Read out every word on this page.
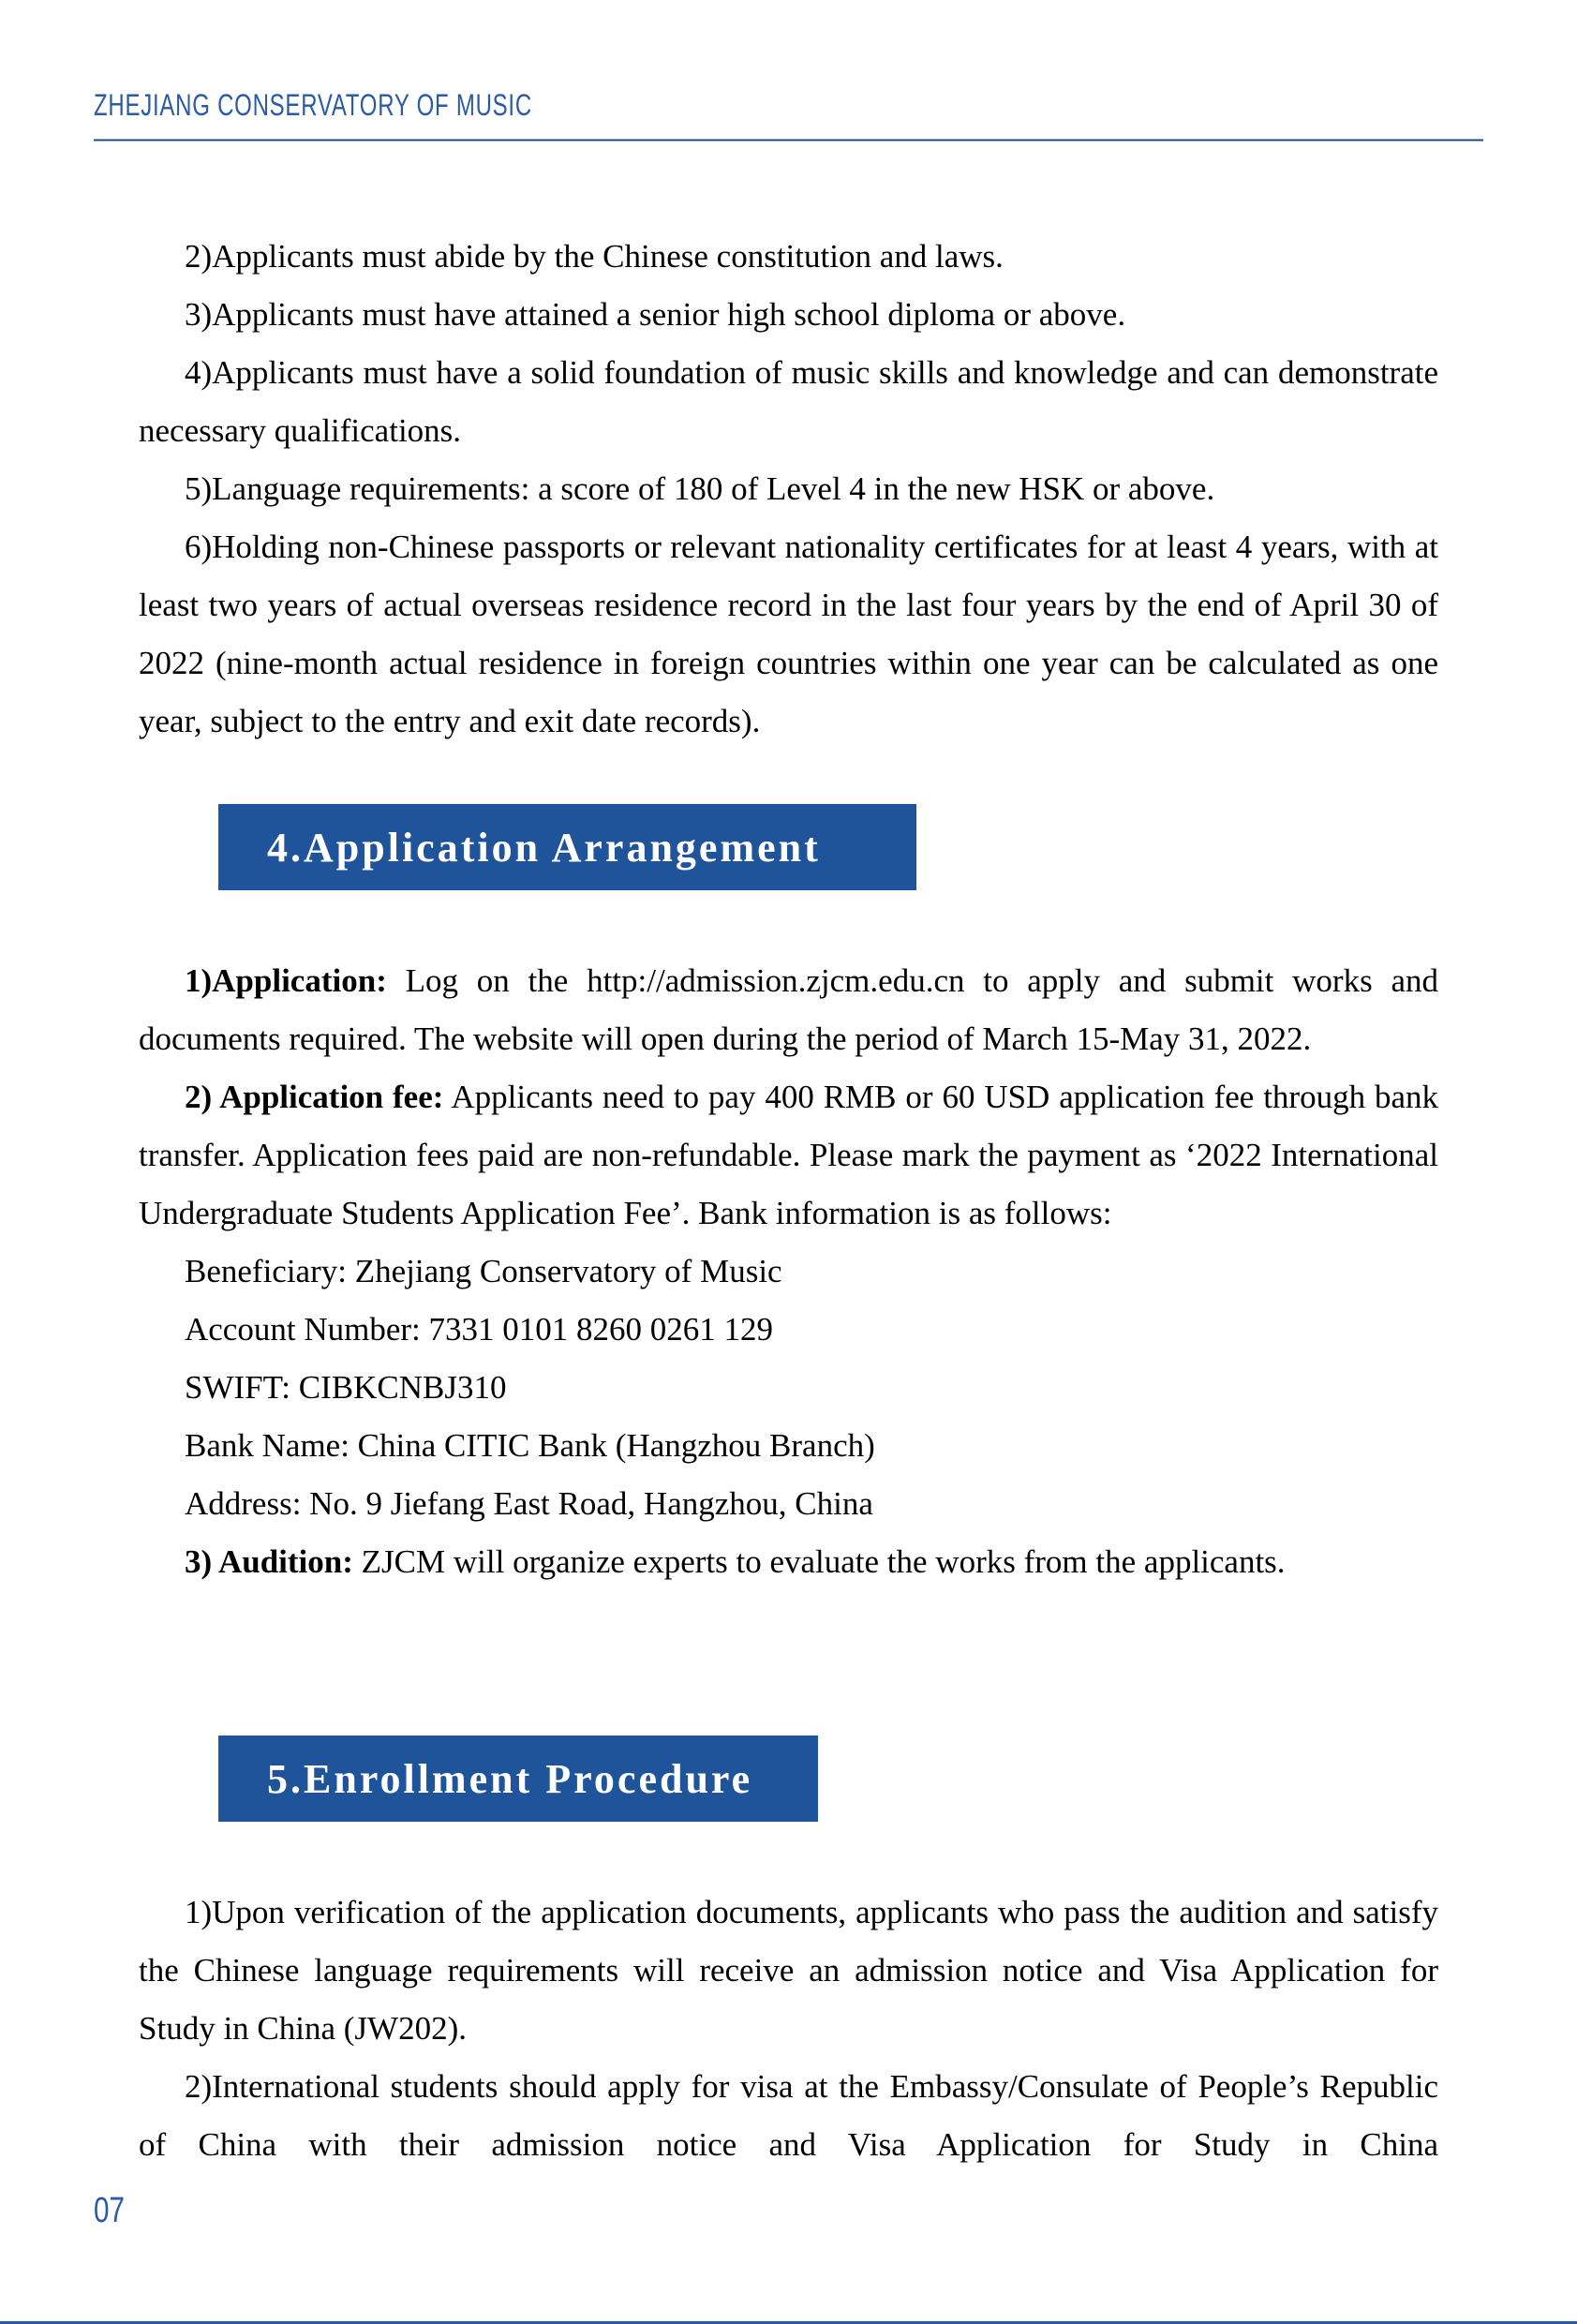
ZHEJIANG CONSERVATORY OF MUSIC

2)Applicants must abide by the Chinese constitution and laws.

3)Applicants must have attained a senior high school diploma or above.

4)Applicants must have a solid foundation of music skills and knowledge and can demonstrate necessary qualifications.

5)Language requirements: a score of 180 of Level 4 in the new HSK or above.

6)Holding non-Chinese passports or relevant nationality certificates for at least 4 years, with at least two years of actual overseas residence record in the last four years by the end of April 30 of 2022 (nine-month actual residence in foreign countries within one year can be calculated as one year, subject to the entry and exit date records).

4.Application Arrangement

1)Application: Log on the http://admission.zjcm.edu.cn to apply and submit works and documents required. The website will open during the period of March 15-May 31, 2022.

2) Application fee: Applicants need to pay 400 RMB or 60 USD application fee through bank transfer. Application fees paid are non-refundable. Please mark the payment as ‘2022 International Undergraduate Students Application Fee’. Bank information is as follows:

Beneficiary: Zhejiang Conservatory of Music

Account Number: 7331 0101 8260 0261 129

SWIFT: CIBKCNBJ310

Bank Name: China CITIC Bank (Hangzhou Branch)

Address: No. 9 Jiefang East Road, Hangzhou, China

3) Audition: ZJCM will organize experts to evaluate the works from the applicants.

5.Enrollment Procedure

1)Upon verification of the application documents, applicants who pass the audition and satisfy the Chinese language requirements will receive an admission notice and Visa Application for Study in China (JW202).

2)International students should apply for visa at the Embassy/Consulate of People’s Republic of China with their admission notice and Visa Application for Study in China

07
